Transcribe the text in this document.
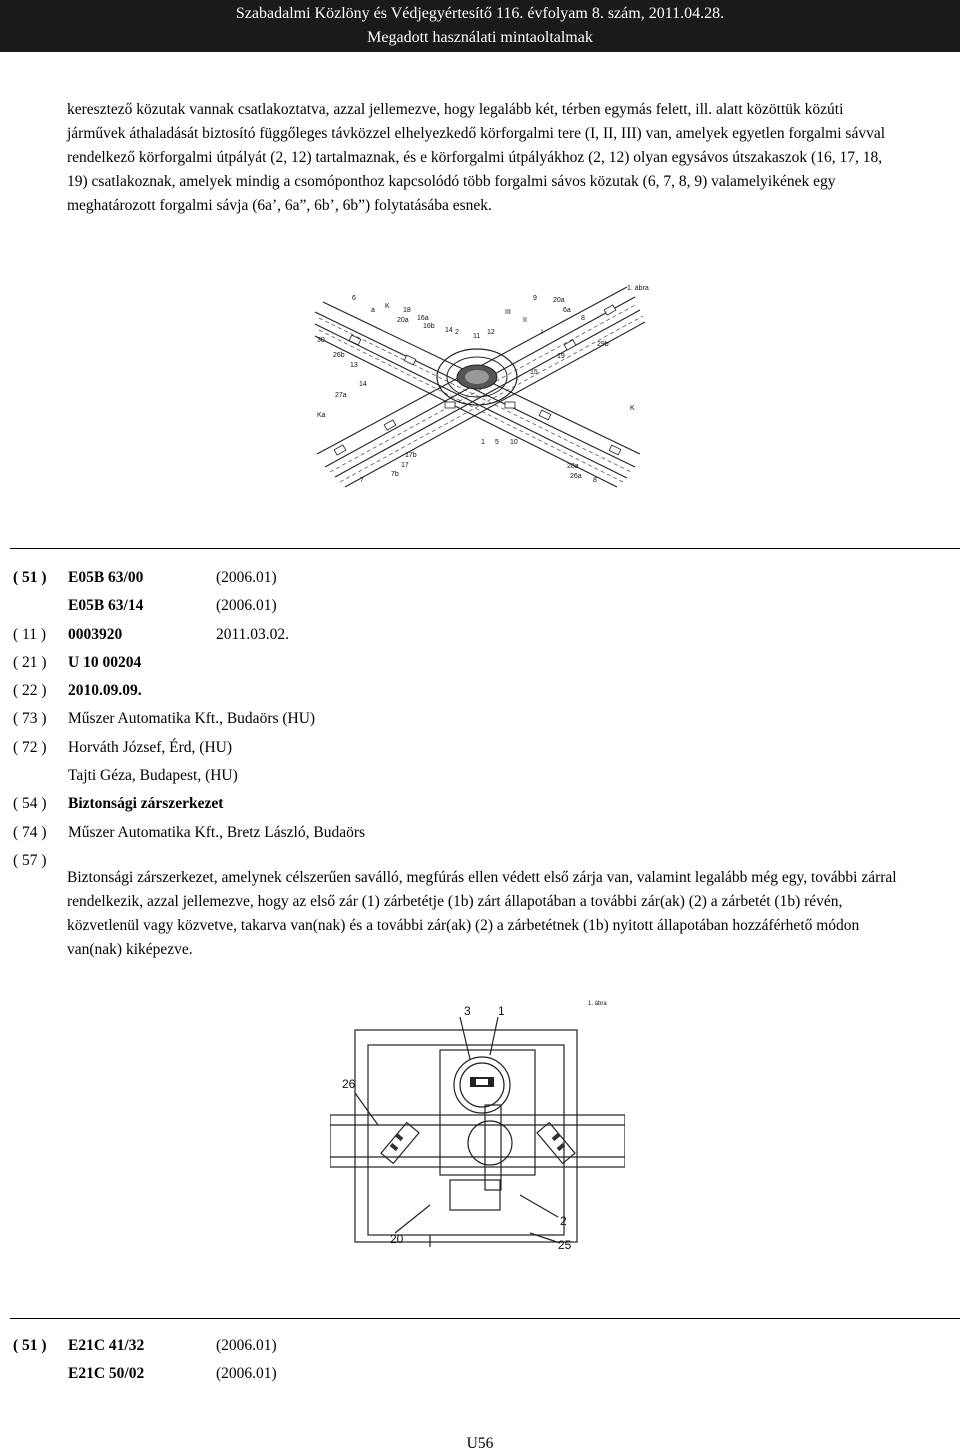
Szabadalmi Közlöny és Védjegyértesítő 116. évfolyam 8. szám, 2011.04.28.
Megadott használati mintaoltalmak

keresztező közutak vannak csatlakoztatva, azzal jellemezve, hogy legalább két, térben egymás felett, ill. alatt közöttük közúti járművek áthaladását biztosító függőleges távközzel elhelyezkedő körforgalmi tere (I, II, III) van, amelyek egyetlen forgalmi sávval rendelkező körforgalmi útpályát (2, 12) tartalmaznak, és e körforgalmi útpályákhoz (2, 12) olyan egysávos útszakaszok (16, 17, 18, 19) csatlakoznak, amelyek mindig a csomóponthoz kapcsolódó több forgalmi sávos közutak (6, 7, 8, 9) valamelyikének egy meghatározott forgalmi sávja (6a’, 6a”, 6b’, 6b”) folytatásába esnek.

1. ábra
6
a
K
18
20a 16a
16b
9 20a
6a
8
2
11
12
14
III
II
I
30
26b
13
14
27a
Ka
1 5 10
15
19
29b
26a
8
K
17
17b
7
7b
28a
( 51 )	E05B 63/00	(2006.01)
E05B 63/14	(2006.01)
( 11 )	0003920	2011.03.02.
( 21 )	U 10 00204
( 22 )	2010.09.09.
( 73 )	Műszer Automatika Kft., Budaörs (HU)
( 72 )	Horváth József, Érd, (HU)
Tajti Géza, Budapest, (HU)
( 54 )	Biztonsági zárszerkezet
( 74 )	Műszer Automatika Kft., Bretz László, Budaörs
( 57 )

Biztonsági zárszerkezet, amelynek célszerűen saválló, megfúrás ellen védett első zárja van, valamint legalább még egy, további zárral rendelkezik, azzal jellemezve, hogy az első zár (1) zárbetétje (1b) zárt állapotában a további zár(ak) (2) a zárbetét (1b) révén, közvetlenül vagy közvetve, takarva van(nak) és a további zár(ak) (2) a zárbetétnek (1b) nyitott állapotában hozzáférhető módon van(nak) kiképezve.

1. ábra
3 1
26
20
2
25
( 51 )	E21C 41/32	(2006.01)
E21C 50/02	(2006.01)
U56
